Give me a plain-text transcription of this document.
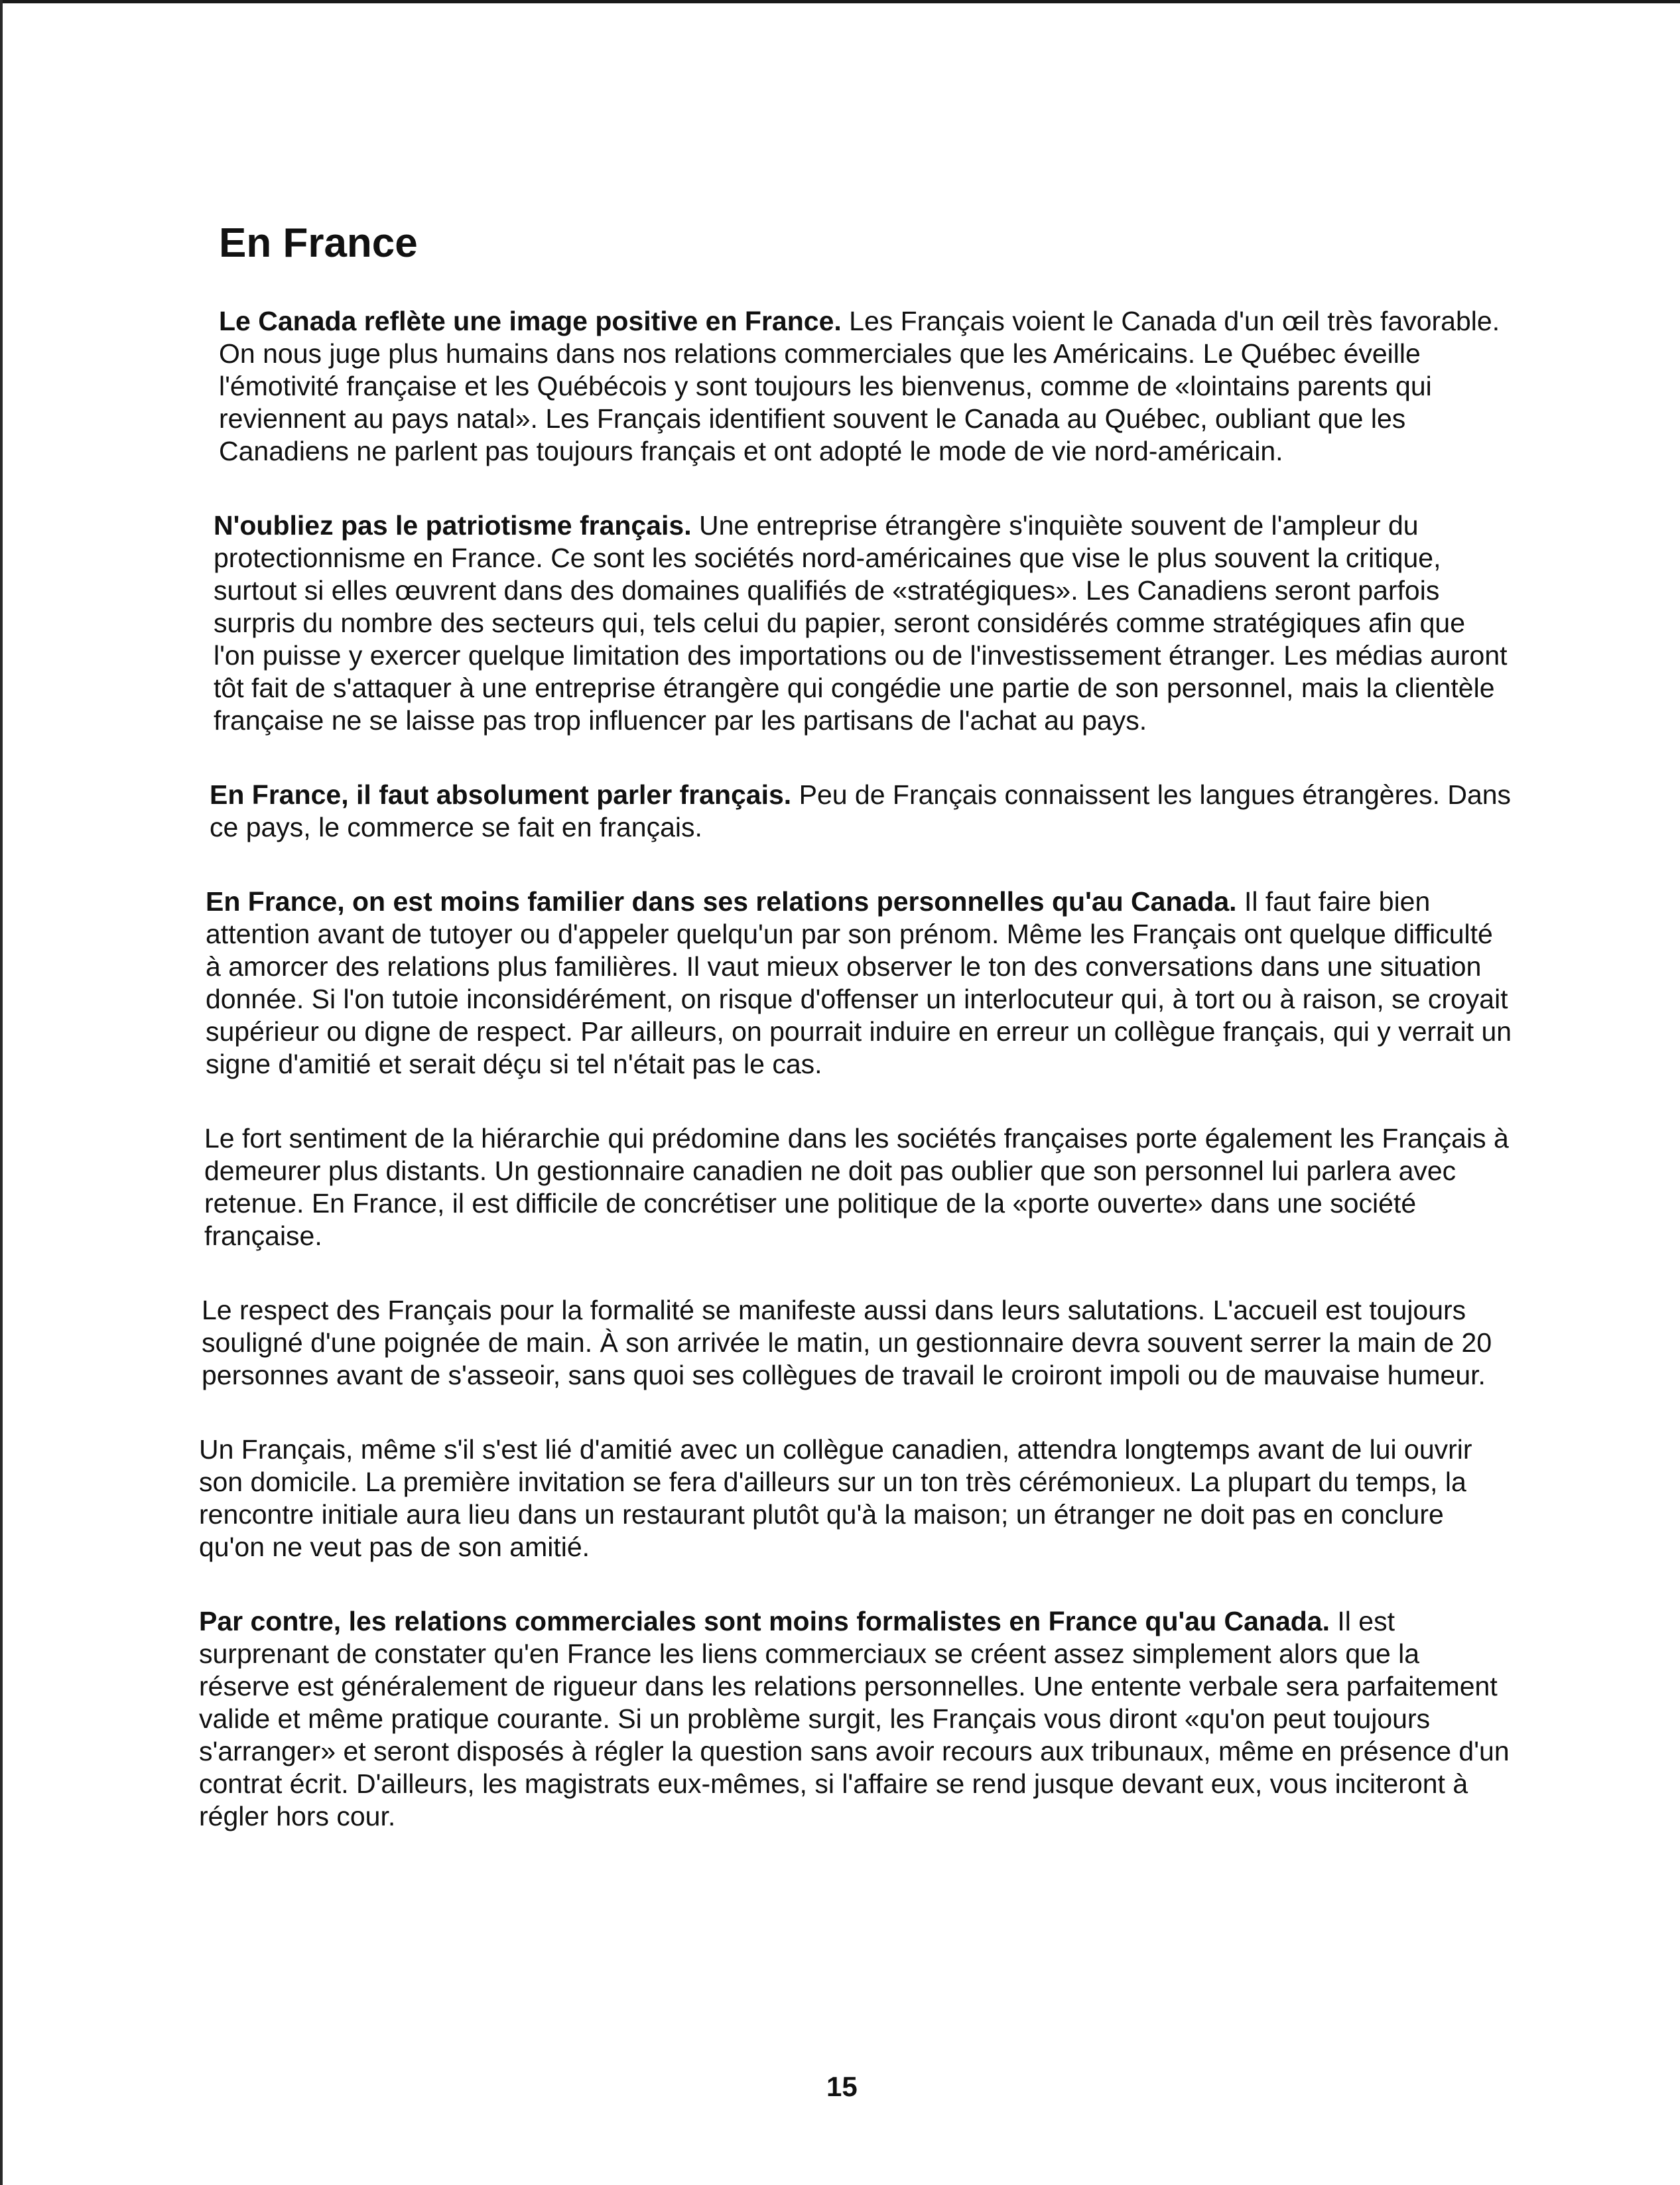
En France

Le Canada reflète une image positive en France. Les Français voient le Canada d'un œil très favorable. On nous juge plus humains dans nos relations commerciales que les Américains. Le Québec éveille l'émotivité française et les Québécois y sont toujours les bienvenus, comme de «lointains parents qui reviennent au pays natal». Les Français identifient souvent le Canada au Québec, oubliant que les Canadiens ne parlent pas toujours français et ont adopté le mode de vie nord-américain.

N'oubliez pas le patriotisme français. Une entreprise étrangère s'inquiète souvent de l'ampleur du protectionnisme en France. Ce sont les sociétés nord-américaines que vise le plus souvent la critique, surtout si elles œuvrent dans des domaines qualifiés de «stratégiques». Les Canadiens seront parfois surpris du nombre des secteurs qui, tels celui du papier, seront considérés comme stratégiques afin que l'on puisse y exercer quelque limitation des importations ou de l'investissement étranger. Les médias auront tôt fait de s'attaquer à une entreprise étrangère qui congédie une partie de son personnel, mais la clientèle française ne se laisse pas trop influencer par les partisans de l'achat au pays.

En France, il faut absolument parler français. Peu de Français connaissent les langues étrangères. Dans ce pays, le commerce se fait en français.

En France, on est moins familier dans ses relations personnelles qu'au Canada. Il faut faire bien attention avant de tutoyer ou d'appeler quelqu'un par son prénom. Même les Français ont quelque difficulté à amorcer des relations plus familières. Il vaut mieux observer le ton des conversations dans une situation donnée. Si l'on tutoie inconsidérément, on risque d'offenser un interlocuteur qui, à tort ou à raison, se croyait supérieur ou digne de respect. Par ailleurs, on pourrait induire en erreur un collègue français, qui y verrait un signe d'amitié et serait déçu si tel n'était pas le cas.

Le fort sentiment de la hiérarchie qui prédomine dans les sociétés françaises porte également les Français à demeurer plus distants. Un gestionnaire canadien ne doit pas oublier que son personnel lui parlera avec retenue. En France, il est difficile de concrétiser une politique de la «porte ouverte» dans une société française.

Le respect des Français pour la formalité se manifeste aussi dans leurs salutations. L'accueil est toujours souligné d'une poignée de main. À son arrivée le matin, un gestionnaire devra souvent serrer la main de 20 personnes avant de s'asseoir, sans quoi ses collègues de travail le croiront impoli ou de mauvaise humeur.

Un Français, même s'il s'est lié d'amitié avec un collègue canadien, attendra longtemps avant de lui ouvrir son domicile. La première invitation se fera d'ailleurs sur un ton très cérémonieux. La plupart du temps, la rencontre initiale aura lieu dans un restaurant plutôt qu'à la maison; un étranger ne doit pas en conclure qu'on ne veut pas de son amitié.

Par contre, les relations commerciales sont moins formalistes en France qu'au Canada. Il est surprenant de constater qu'en France les liens commerciaux se créent assez simplement alors que la réserve est généralement de rigueur dans les relations personnelles. Une entente verbale sera parfaitement valide et même pratique courante. Si un problème surgit, les Français vous diront «qu'on peut toujours s'arranger» et seront disposés à régler la question sans avoir recours aux tribunaux, même en présence d'un contrat écrit. D'ailleurs, les magistrats eux-mêmes, si l'affaire se rend jusque devant eux, vous inciteront à régler hors cour.

15
